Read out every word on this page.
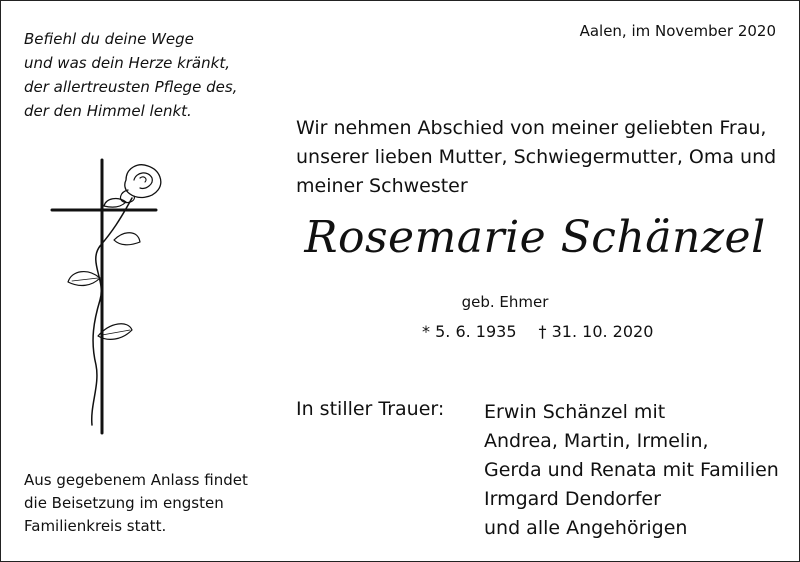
Befiehl du deine Wege
und was dein Herze kränkt,
der allertreusten Pflege des,
der den Himmel lenkt.

Aalen, im November 2020

Wir nehmen Abschied von meiner geliebten Frau,
unserer lieben Mutter, Schwiegermutter, Oma und
meiner Schwester

Rosemarie Schänzel
geb. Ehmer
* 5. 6. 1935 † 31. 10. 2020
In stiller Trauer: Erwin Schänzel mit
Andrea, Martin, Irmelin,
Gerda und Renata mit Familien
Irmgard Dendorfer
und alle Angehörigen

Aus gegebenem Anlass findet
die Beisetzung im engsten
Familienkreis statt.
